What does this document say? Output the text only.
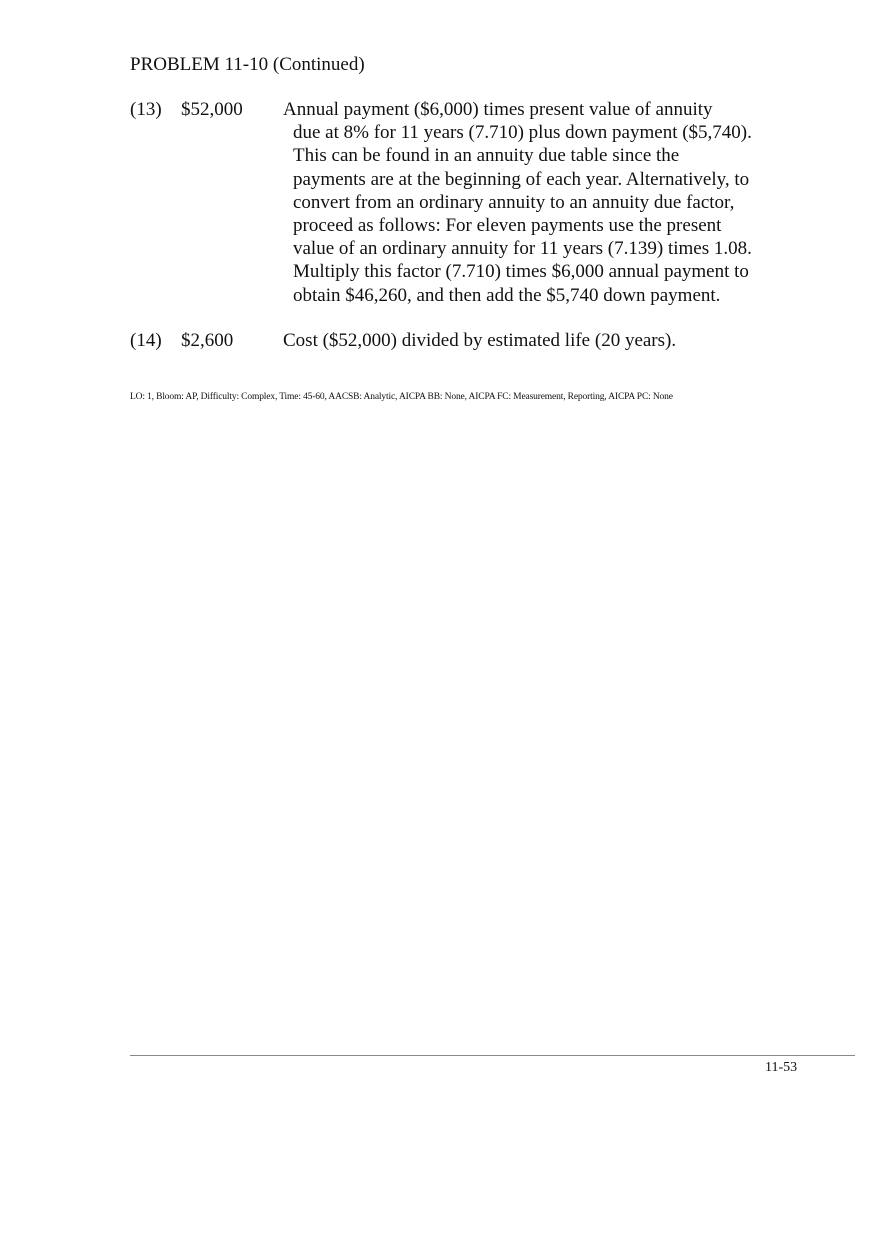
PROBLEM 11-10 (Continued)
(13) $52,000 Annual payment ($6,000) times present value of annuity
due at 8% for 11 years (7.710) plus down payment ($5,740).
This can be found in an annuity due table since the
payments are at the beginning of each year. Alternatively, to
convert from an ordinary annuity to an annuity due factor,
proceed as follows: For eleven payments use the present
value of an ordinary annuity for 11 years (7.139) times 1.08.
Multiply this factor (7.710) times $6,000 annual payment to
obtain $46,260, and then add the $5,740 down payment.
(14) $2,600	Cost ($52,000) divided by estimated life (20 years).
LO: 1, Bloom: AP, Difficulty: Complex, Time: 45-60, AACSB: Analytic, AICPA BB: None, AICPA FC: Measurement, Reporting, AICPA PC: None
11-53
